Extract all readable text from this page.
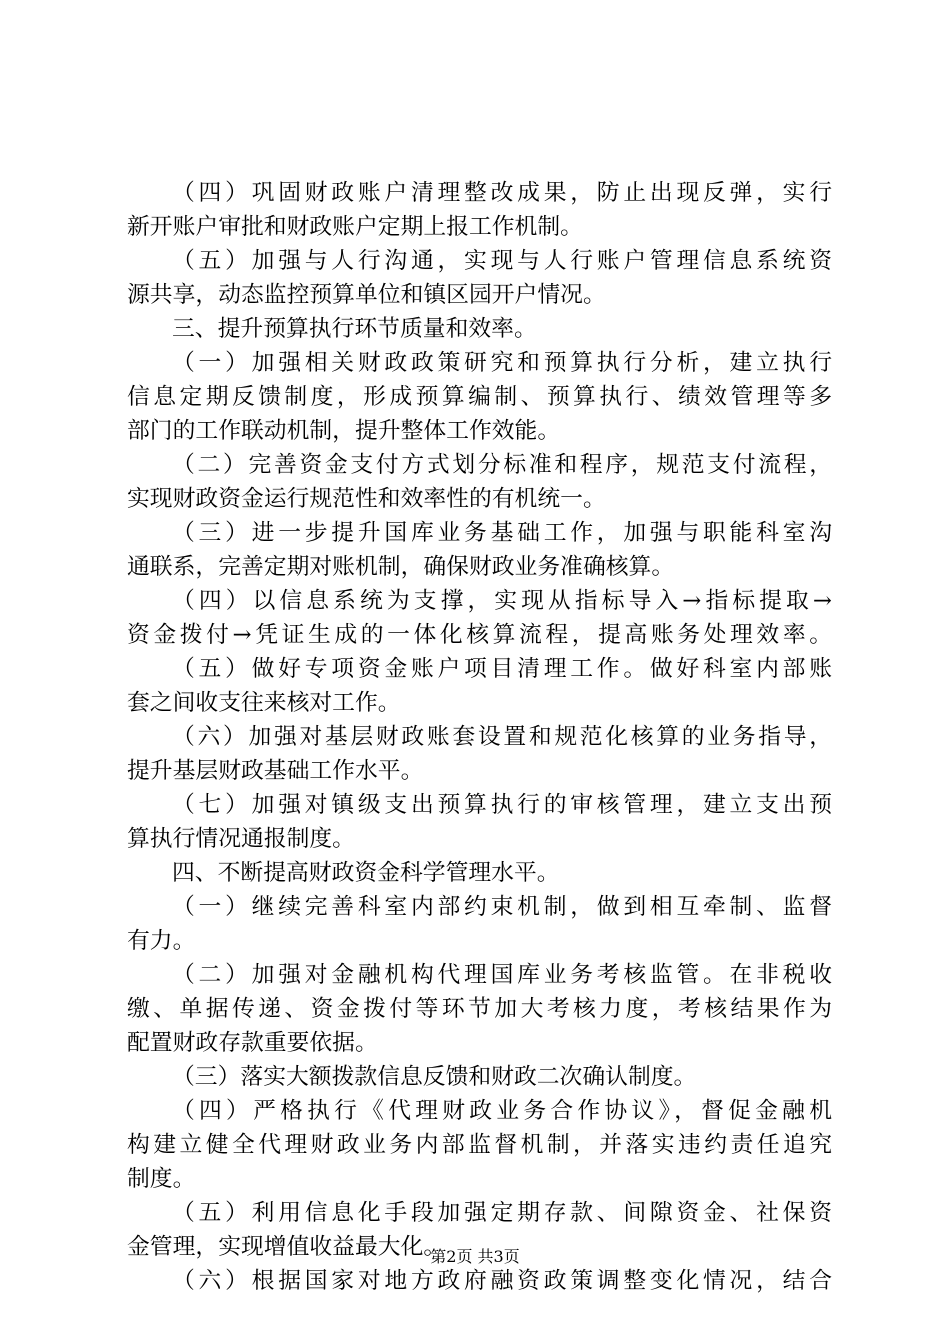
（四）巩固财政账户清理整改成果，防止出现反弹，实行
新开账户审批和财政账户定期上报工作机制。
（五）加强与人行沟通，实现与人行账户管理信息系统资
源共享，动态监控预算单位和镇区园开户情况。
三、提升预算执行环节质量和效率。
（一）加强相关财政政策研究和预算执行分析，建立执行
信息定期反馈制度，形成预算编制、预算执行、绩效管理等多
部门的工作联动机制，提升整体工作效能。
（二）完善资金支付方式划分标准和程序，规范支付流程，
实现财政资金运行规范性和效率性的有机统一。
（三）进一步提升国库业务基础工作，加强与职能科室沟
通联系，完善定期对账机制，确保财政业务准确核算。
（四）以信息系统为支撑，实现从指标导入→指标提取→
资金拨付→凭证生成的一体化核算流程，提高账务处理效率。
（五）做好专项资金账户项目清理工作。做好科室内部账
套之间收支往来核对工作。
（六）加强对基层财政账套设置和规范化核算的业务指导，
提升基层财政基础工作水平。
（七）加强对镇级支出预算执行的审核管理，建立支出预
算执行情况通报制度。
四、不断提高财政资金科学管理水平。
（一）继续完善科室内部约束机制，做到相互牵制、监督
有力。
（二）加强对金融机构代理国库业务考核监管。在非税收
缴、单据传递、资金拨付等环节加大考核力度，考核结果作为
配置财政存款重要依据。
（三）落实大额拨款信息反馈和财政二次确认制度。
（四）严格执行《代理财政业务合作协议》，督促金融机
构建立健全代理财政业务内部监督机制，并落实违约责任追究
制度。
（五）利用信息化手段加强定期存款、间隙资金、社保资
金管理，实现增值收益最大化。
（六）根据国家对地方政府融资政策调整变化情况，结合
第2页 共3页
